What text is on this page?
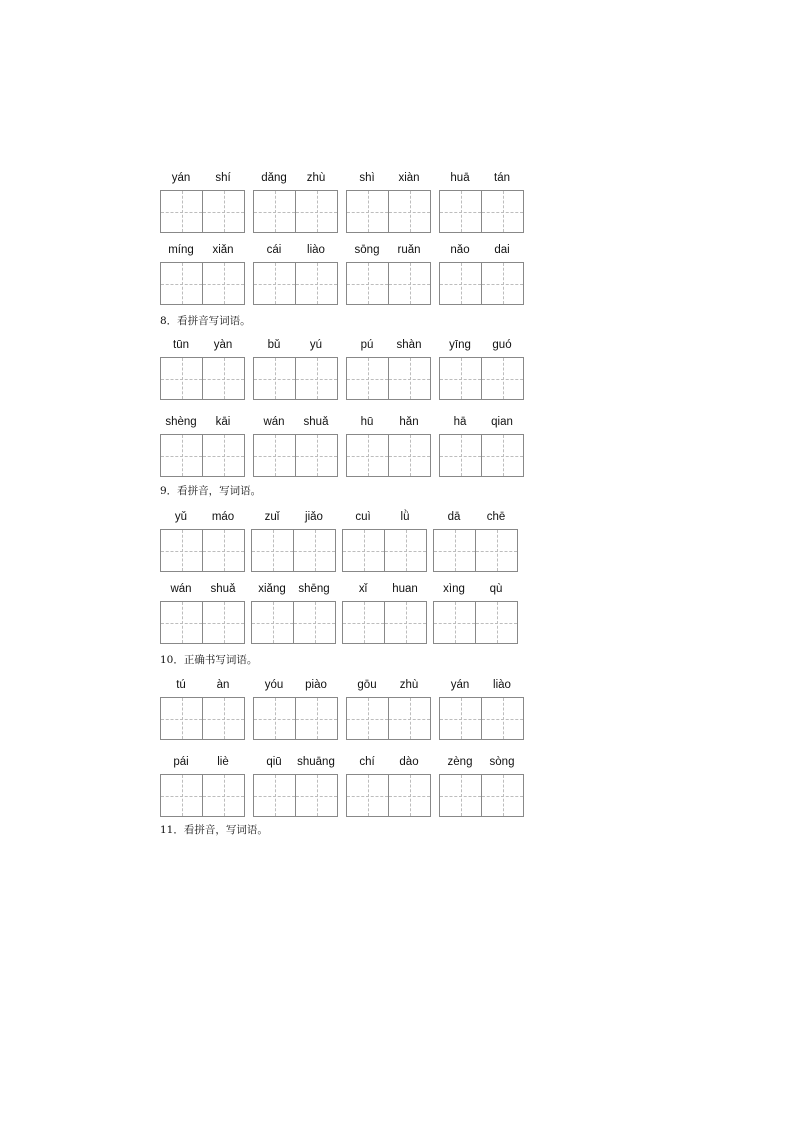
yán	shí	dǎng	zhù	shì	xiàn	huā	tán
míng	xiǎn	cái	liào	sōng	ruǎn	nǎo	dai
8．看拼音写词语。
tūn	yàn	bǔ	yú	pú	shàn	yīng	guó
shèng	kāi	wán	shuǎ	hū	hǎn	hā	qian
9．看拼音，写词语。
yǔ	máo	zuǐ	jiǎo	cuì	lǜ	dā	chē
wán	shuǎ	xiǎng	shēng	xǐ	huan	xìng	qù
10．正确书写词语。
tú	àn	yóu	piào	gōu	zhù	yán	liào
pái	liè	qiū	shuāng	chí	dào	zèng	sòng
11．看拼音，写词语。
